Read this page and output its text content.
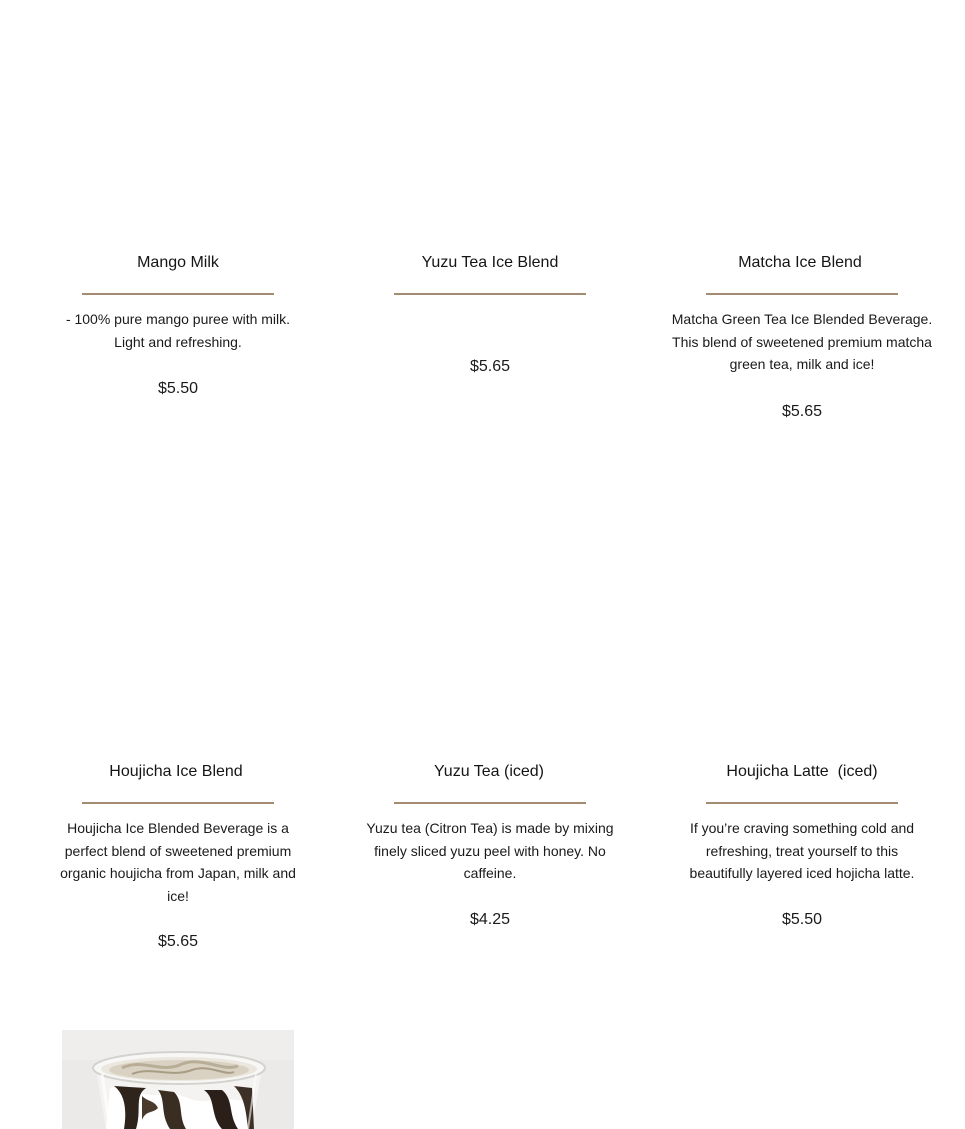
Mango Milk
- 100% pure mango puree with milk. Light and refreshing.
$5.50
Yuzu Tea Ice Blend
$5.65
Matcha Ice Blend
Matcha Green Tea Ice Blended Beverage. This blend of sweetened premium matcha green tea, milk and ice!
$5.65
Houjicha Ice Blend
Houjicha Ice Blended Beverage is a perfect blend of sweetened premium organic houjicha from Japan, milk and ice!
$5.65
Yuzu Tea (iced)
Yuzu tea (Citron Tea) is made by mixing finely sliced yuzu peel with honey. No caffeine.
$4.25
Houjicha Latte  (iced)
If you’re craving something cold and refreshing, treat yourself to this beautifully layered iced hojicha latte.
$5.50
